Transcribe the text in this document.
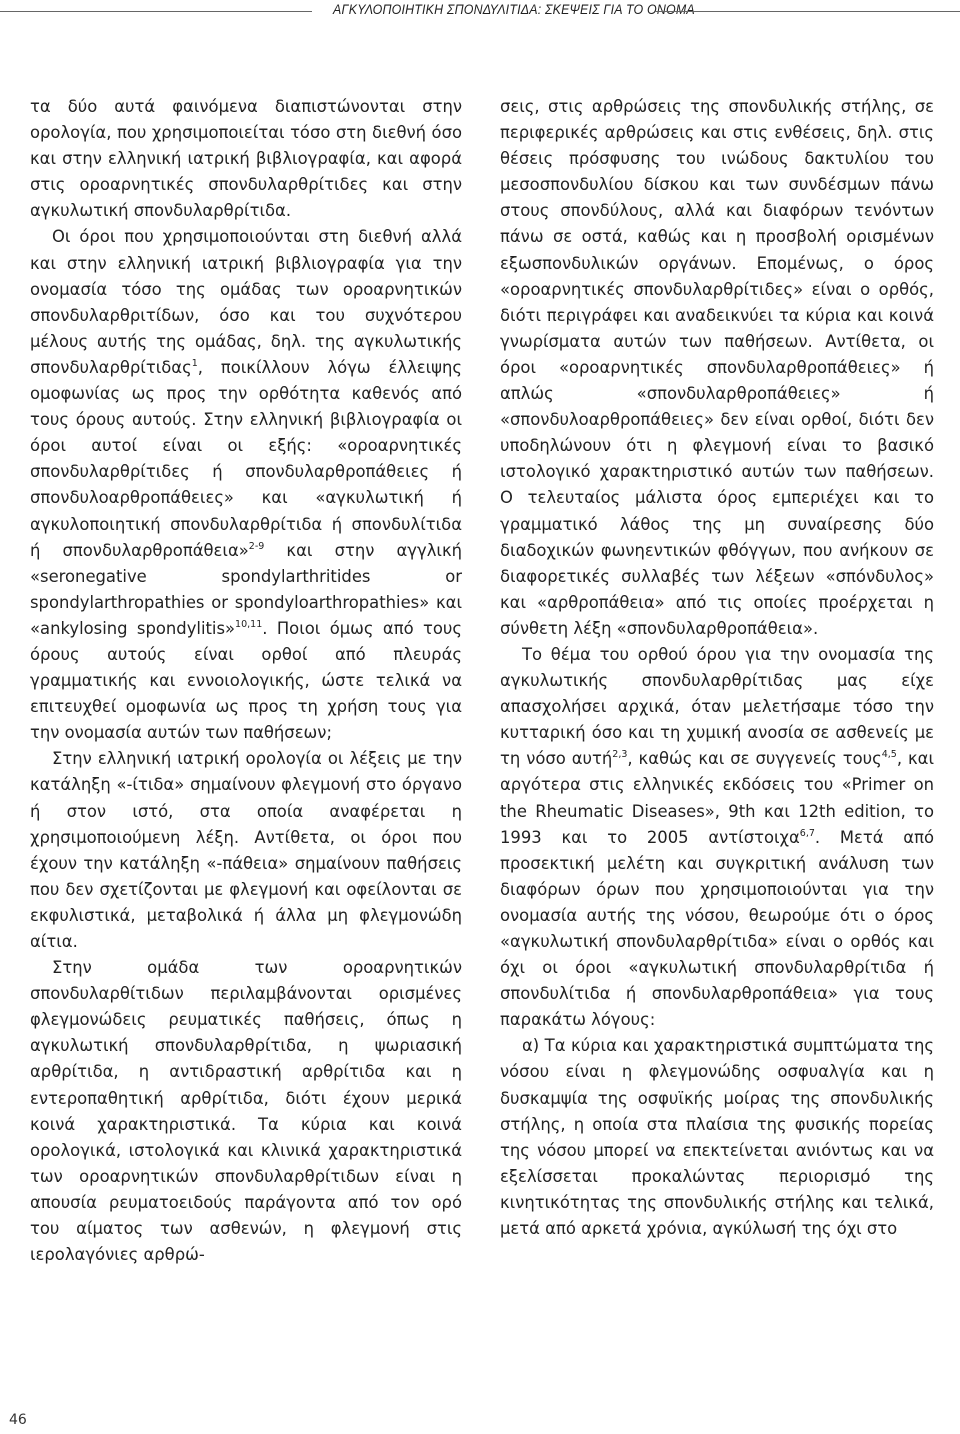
ΑΓΚΥΛΟΠΟΙΗΤΙΚΗ ΣΠΟΝΔΥΛΙΤΙΔΑ: ΣΚΕΨΕΙΣ ΓΙΑ ΤΟ ΟΝΟΜΑ

τα δύο αυτά φαινόμενα διαπιστώνονται στην ορολογία, που χρησιμοποιείται τόσο στη διεθνή όσο και στην ελληνική ιατρική βιβλιογραφία, και αφορά στις οροαρνητικές σπονδυλαρθρίτιδες και στην αγκυλωτική σπονδυλαρθρίτιδα.

Οι όροι που χρησιμοποιούνται στη διεθνή αλλά και στην ελληνική ιατρική βιβλιογραφία για την ονομασία τόσο της ομάδας των οροαρνητικών σπονδυλαρθριτίδων, όσο και του συχνότερου μέλους αυτής της ομάδας, δηλ. της αγκυλωτικής σπονδυλαρθρίτιδας$^1$, ποικίλλουν λόγω έλλειψης ομοφωνίας ως προς την ορθότητα καθενός από τους όρους αυτούς. Στην ελληνική βιβλιογραφία οι όροι αυτοί είναι οι εξής: «οροαρνητικές σπονδυλαρθρίτιδες ή σπονδυλαρθροπάθειες ή σπονδυλοαρθροπάθειες» και «αγκυλωτική ή αγκυλοποιητική σπονδυλαρθρίτιδα ή σπονδυλίτιδα ή σπονδυλαρθροπάθεια»$^{2-9}$ και στην αγγλική «seronegative spondylarthritides or spondylarthropathies or spondyloarthropathies» και «ankylosing spondylitis»$^{10,11}$. Ποιοι όμως από τους όρους αυτούς είναι ορθοί από πλευράς γραμματικής και εννοιολογικής, ώστε τελικά να επιτευχθεί ομοφωνία ως προς τη χρήση τους για την ονομασία αυτών των παθήσεων;

Στην ελληνική ιατρική ορολογία οι λέξεις με την κατάληξη «-ίτιδα» σημαίνουν φλεγμονή στο όργανο ή στον ιστό, στα οποία αναφέρεται η χρησιμοποιούμενη λέξη. Αντίθετα, οι όροι που έχουν την κατάληξη «-πάθεια» σημαίνουν παθήσεις που δεν σχετίζονται με φλεγμονή και οφείλονται σε εκφυλιστικά, μεταβολικά ή άλλα μη φλεγμονώδη αίτια.

Στην ομάδα των οροαρνητικών σπονδυλαρθίτιδων περιλαμβάνονται ορισμένες φλεγμονώδεις ρευματικές παθήσεις, όπως η αγκυλωτική σπονδυλαρθρίτιδα, η ψωριασική αρθρίτιδα, η αντιδραστική αρθρίτιδα και η εντεροπαθητική αρθρίτιδα, διότι έχουν μερικά κοινά χαρακτηριστικά. Τα κύρια και κοινά ορολογικά, ιστολογικά και κλινικά χαρακτηριστικά των οροαρνητικών σπονδυλαρθρίτιδων είναι η απουσία ρευματοειδούς παράγοντα από τον ορό του αίματος των ασθενών, η φλεγμονή στις ιερολαγόνιες αρθρώ-

σεις, στις αρθρώσεις της σπονδυλικής στήλης, σε περιφερικές αρθρώσεις και στις ενθέσεις, δηλ. στις θέσεις πρόσφυσης του ινώδους δακτυλίου του μεσοσπονδυλίου δίσκου και των συνδέσμων πάνω στους σπονδύλους, αλλά και διαφόρων τενόντων πάνω σε οστά, καθώς και η προσβολή ορισμένων εξωσπονδυλικών οργάνων. Επομένως, ο όρος «οροαρνητικές σπονδυλαρθρίτιδες» είναι ο ορθός, διότι περιγράφει και αναδεικνύει τα κύρια και κοινά γνωρίσματα αυτών των παθήσεων. Αντίθετα, οι όροι «οροαρνητικές σπονδυλαρθροπάθειες» ή απλώς «σπονδυλαρθροπάθειες» ή «σπονδυλοαρθροπάθειες» δεν είναι ορθοί, διότι δεν υποδηλώνουν ότι η φλεγμονή είναι το βασικό ιστολογικό χαρακτηριστικό αυτών των παθήσεων. Ο τελευταίος μάλιστα όρος εμπεριέχει και το γραμματικό λάθος της μη συναίρεσης δύο διαδοχικών φωνηεντικών φθόγγων, που ανήκουν σε διαφορετικές συλλαβές των λέξεων «σπόνδυλος» και «αρθροπάθεια» από τις οποίες προέρχεται η σύνθετη λέξη «σπονδυλαρθροπάθεια».

Το θέμα του ορθού όρου για την ονομασία της αγκυλωτικής σπονδυλαρθρίτιδας μας είχε απασχολήσει αρχικά, όταν μελετήσαμε τόσο την κυτταρική όσο και τη χυμική ανοσία σε ασθενείς με τη νόσο αυτή$^{2,3}$, καθώς και σε συγγενείς τους$^{4,5}$, και αργότερα στις ελληνικές εκδόσεις του «Primer on the Rheumatic Diseases», 9th και 12th edition, το 1993 και το 2005 αντίστοιχα$^{6,7}$. Μετά από προσεκτική μελέτη και συγκριτική ανάλυση των διαφόρων όρων που χρησιμοποιούνται για την ονομασία αυτής της νόσου, θεωρούμε ότι ο όρος «αγκυλωτική σπονδυλαρθρίτιδα» είναι ο ορθός και όχι οι όροι «αγκυλωτική σπονδυλαρθρίτιδα ή σπονδυλίτιδα ή σπονδυλαρθροπάθεια» για τους παρακάτω λόγους:

α) Τα κύρια και χαρακτηριστικά συμπτώματα της νόσου είναι η φλεγμονώδης οσφυαλγία και η δυσκαμψία της οσφυϊκής μοίρας της σπονδυλικής στήλης, η οποία στα πλαίσια της φυσικής πορείας της νόσου μπορεί να επεκτείνεται ανιόντως και να εξελίσσεται προκαλώντας περιορισμό της κινητικότητας της σπονδυλικής στήλης και τελικά, μετά από αρκετά χρόνια, αγκύλωσή της όχι στο

46
